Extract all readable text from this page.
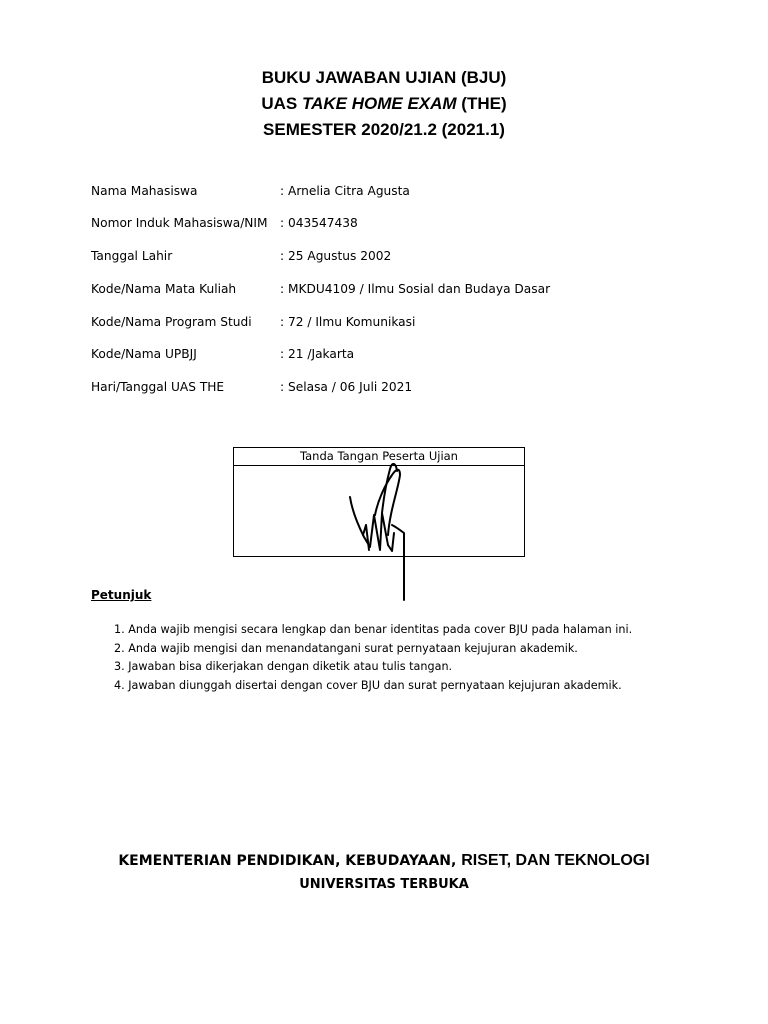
BUKU JAWABAN UJIAN (BJU)
UAS TAKE HOME EXAM (THE)
SEMESTER 2020/21.2 (2021.1)
Nama Mahasiswa	: Arnelia Citra Agusta
Nomor Induk Mahasiswa/NIM : 043547438
Tanggal Lahir	: 25 Agustus 2002
Kode/Nama Mata Kuliah	: MKDU4109 / Ilmu Sosial dan Budaya Dasar
Kode/Nama Program Studi : 72 / Ilmu Komunikasi
Kode/Nama UPBJJ	: 21 /Jakarta
Hari/Tanggal UAS THE	: Selasa / 06 Juli 2021
Tanda Tangan Peserta Ujian
Petunjuk
1. Anda wajib mengisi secara lengkap dan benar identitas pada cover BJU pada halaman ini.
2. Anda wajib mengisi dan menandatangani surat pernyataan kejujuran akademik.
3. Jawaban bisa dikerjakan dengan diketik atau tulis tangan.
4. Jawaban diunggah disertai dengan cover BJU dan surat pernyataan kejujuran akademik.
KEMENTERIAN PENDIDIKAN, KEBUDAYAAN, RISET, DAN TEKNOLOGI
UNIVERSITAS TERBUKA
